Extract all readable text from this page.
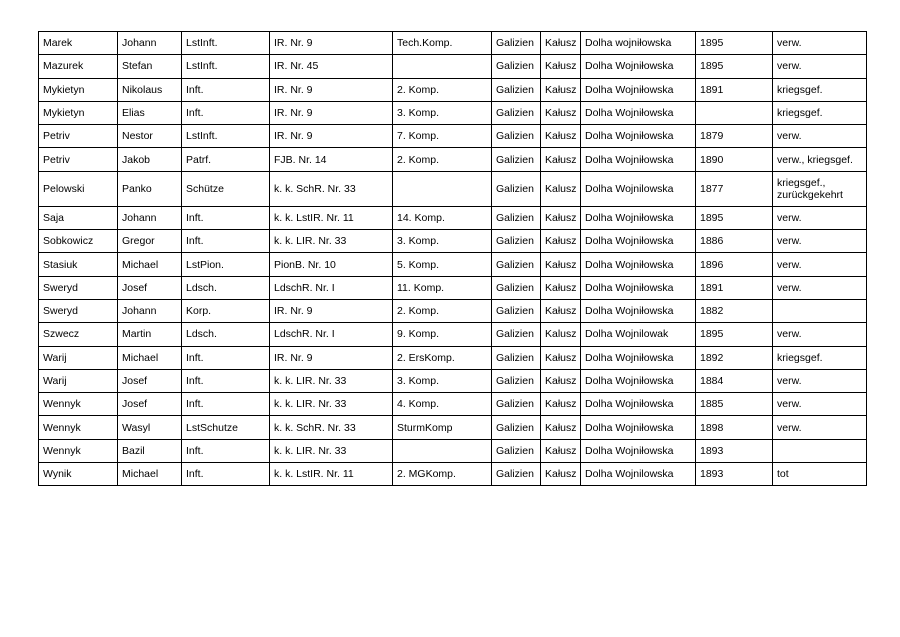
Marek	Johann	LstInft.	IR. Nr. 9	Tech.Komp.	Galizien	Kałusz	Dolha wojniłowska	1895	verw.
Mazurek	Stefan	LstInft.	IR. Nr. 45		Galizien	Kałusz	Dolha Wojniłowska	1895	verw.
Mykietyn	Nikolaus	Inft.	IR. Nr. 9	2. Komp.	Galizien	Kałusz	Dolha Wojniłowska	1891	kriegsgef.
Mykietyn	Elias	Inft.	IR. Nr. 9	3. Komp.	Galizien	Kałusz	Dolha Wojniłowska		kriegsgef.
Petriv	Nestor	LstInft.	IR. Nr. 9	7. Komp.	Galizien	Kałusz	Dolha Wojniłowska	1879	verw.
Petriv	Jakob	Patrf.	FJB. Nr. 14	2. Komp.	Galizien	Kałusz	Dolha Wojniłowska	1890	verw., kriegsgef.
Pelowski	Panko	Schütze	k. k. SchR. Nr. 33		Galizien	Kalusz	Dolha Wojnilowska	1877	kriegsgef., zurückgekehrt
Saja	Johann	Inft.	k. k. LstIR. Nr. 11	14. Komp.	Galizien	Kałusz	Dolha Wojniłowska	1895	verw.
Sobkowicz	Gregor	Inft.	k. k. LIR. Nr. 33	3. Komp.	Galizien	Kałusz	Dolha Wojniłowska	1886	verw.
Stasiuk	Michael	LstPion.	PionB. Nr. 10	5. Komp.	Galizien	Kałusz	Dolha Wojniłowska	1896	verw.
Sweryd	Josef	Ldsch.	LdschR. Nr. I	11. Komp.	Galizien	Kałusz	Dolha Wojniłowska	1891	verw.
Sweryd	Johann	Korp.	IR. Nr. 9	2. Komp.	Galizien	Kałusz	Dolha Wojniłowska	1882	
Szwecz	Martin	Ldsch.	LdschR. Nr. I	9. Komp.	Galizien	Kalusz	Dolha Wojnilowak	1895	verw.
Warij	Michael	Inft.	IR. Nr. 9	2. ErsKomp.	Galizien	Kałusz	Dolha Wojniłowska	1892	kriegsgef.
Warij	Josef	Inft.	k. k. LIR. Nr. 33	3. Komp.	Galizien	Kałusz	Dolha Wojniłowska	1884	verw.
Wennyk	Josef	Inft.	k. k. LIR. Nr. 33	4. Komp.	Galizien	Kałusz	Dolha Wojniłowska	1885	verw.
Wennyk	Wasyl	LstSchutze	k. k. SchR. Nr. 33	SturmKomp	Galizien	Kałusz	Dolha Wojniłowska	1898	verw.
Wennyk	Bazil	Inft.	k. k. LIR. Nr. 33		Galizien	Kałusz	Dolha Wojniłowska	1893	
Wynik	Michael	Inft.	k. k. LstIR. Nr. 11	2. MGKomp.	Galizien	Kałusz	Dolha Wojnilowska	1893	tot
